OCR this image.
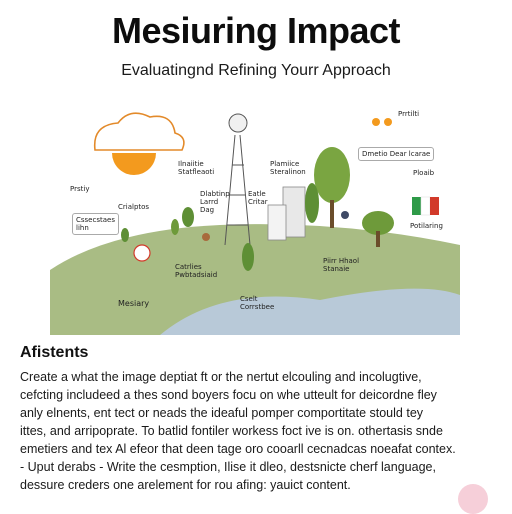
Mesiuring Impact
Evaluatingnd Refining Yourr Approach
Prrtilti
Ilnaiitie
Statfleaoti
Plamiice
Steralinon
Prstiy
Crialptos
Cssecstaes
lihn
Dlabtinp
Larrd
Dag
Eatle
Critar
Dmetio Dear lcarae
Ploaib
Potilaring
Catrlies
Pwbtadsiaid
Piirr Hhaol
Stanaie
Mesiary	Cselt
Corrstbee
Afistents
Create a what the image deptiat ft or the nertut elcouling and incolugtive,
cefcting includeed a thes sond boyers focu on whe utteult for deicordne fley
anly elnents, ent tect or neads the ideaful pomper comportitate stould tey
ittes, and arripoprate. To batlid fontiler workess foct ive is on. othertasis snde
emetiers and tex Al efeor that deen tage oro cooarll cecnadcas noeafat contex.
- Uput derabs - Write the cesmption, Ilise it dleo, destsnicte cherf language,
dessure creders one arelement for rou afing: yauict content.
